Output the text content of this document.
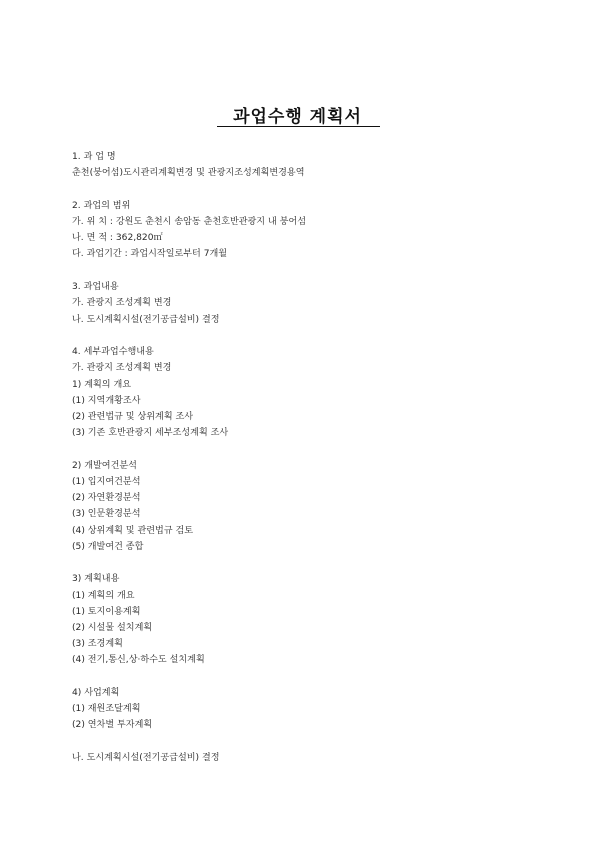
과업수행 계획서
1. 과 업 명
춘천(붕어섬)도시관리계획변경 및 관광지조성계획변경용역
2. 과업의 범위
가. 위 치 : 강원도 춘천시 송암동 춘천호반관광지 내 붕어섬
나. 면 적 : 362,820㎡
다. 과업기간 : 과업시작일로부터 7개월
3. 과업내용
가. 관광지 조성계획 변경
나. 도시계획시설(전기공급설비) 결정
4. 세부과업수행내용
가. 관광지 조성계획 변경
1) 계획의 개요
(1) 지역개황조사
(2) 관련법규 및 상위계획 조사
(3) 기존 호반관광지 세부조성계획 조사
2) 개발여건분석
(1) 입지여건분석
(2) 자연환경분석
(3) 인문환경분석
(4) 상위계획 및 관련법규 검토
(5) 개발여건 종합
3) 계획내용
(1) 계획의 개요
(1) 토지이용계획
(2) 시설물 설치계획
(3) 조경계획
(4) 전기,통신,상·하수도 설치계획
4) 사업계획
(1) 재원조달계획
(2) 연차별 투자계획
나. 도시계획시설(전기공급설비) 결정
